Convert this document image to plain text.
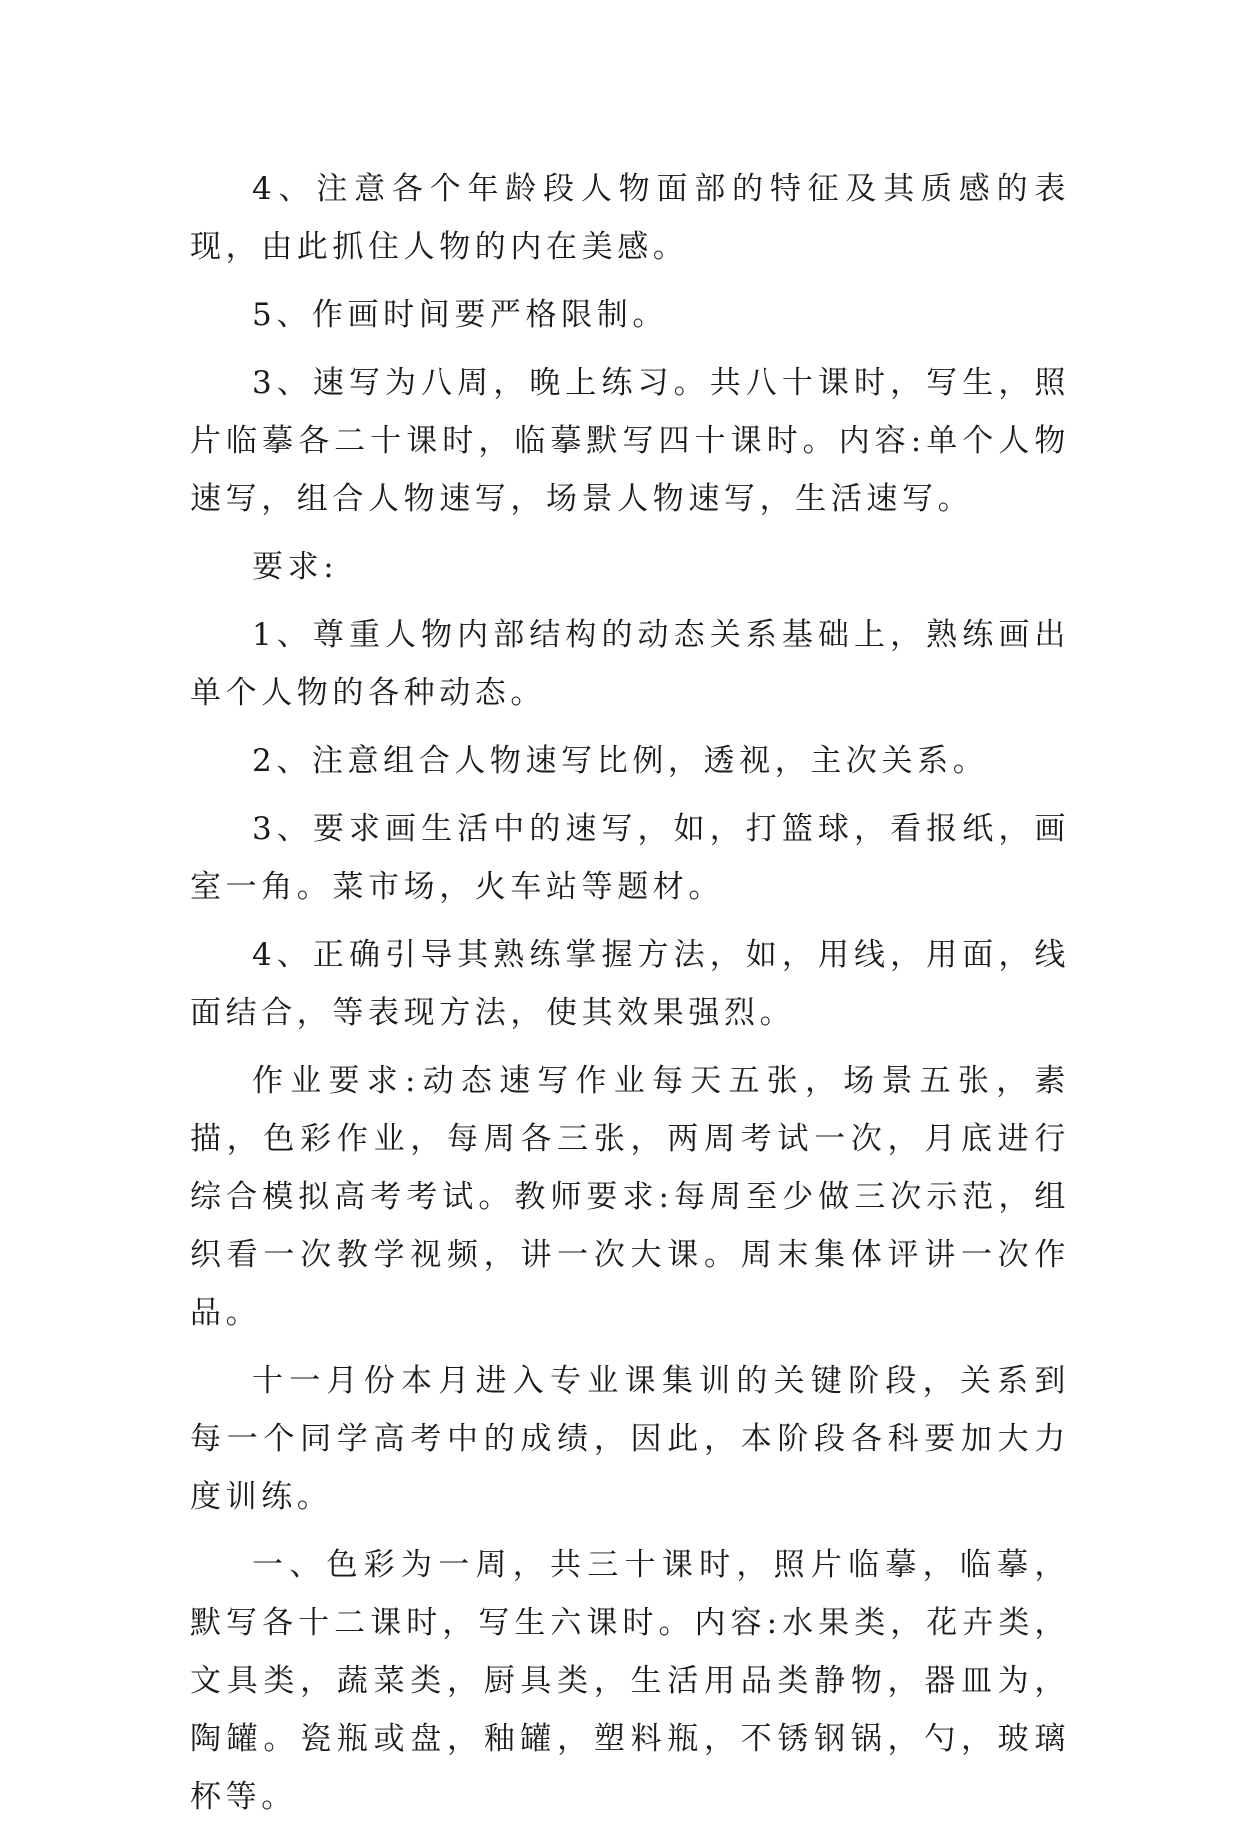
4、注意各个年龄段人物面部的特征及其质感的表现，由此抓住人物的内在美感。

5、作画时间要严格限制。

3、速写为八周，晚上练习。共八十课时，写生，照片临摹各二十课时，临摹默写四十课时。内容:单个人物速写，组合人物速写，场景人物速写，生活速写。

要求:

1、尊重人物内部结构的动态关系基础上，熟练画出单个人物的各种动态。

2、注意组合人物速写比例，透视，主次关系。

3、要求画生活中的速写，如，打篮球，看报纸，画室一角。菜市场，火车站等题材。

4、正确引导其熟练掌握方法，如，用线，用面，线面结合，等表现方法，使其效果强烈。

作业要求:动态速写作业每天五张，场景五张，素描，色彩作业，每周各三张，两周考试一次，月底进行综合模拟高考考试。教师要求:每周至少做三次示范，组织看一次教学视频，讲一次大课。周末集体评讲一次作品。

十一月份本月进入专业课集训的关键阶段，关系到每一个同学高考中的成绩，因此，本阶段各科要加大力度训练。

一、色彩为一周，共三十课时，照片临摹，临摹，默写各十二课时，写生六课时。内容:水果类，花卉类，文具类，蔬菜类，厨具类，生活用品类静物，器皿为，陶罐。瓷瓶或盘，釉罐，塑料瓶，不锈钢锅，勺，玻璃杯等。
